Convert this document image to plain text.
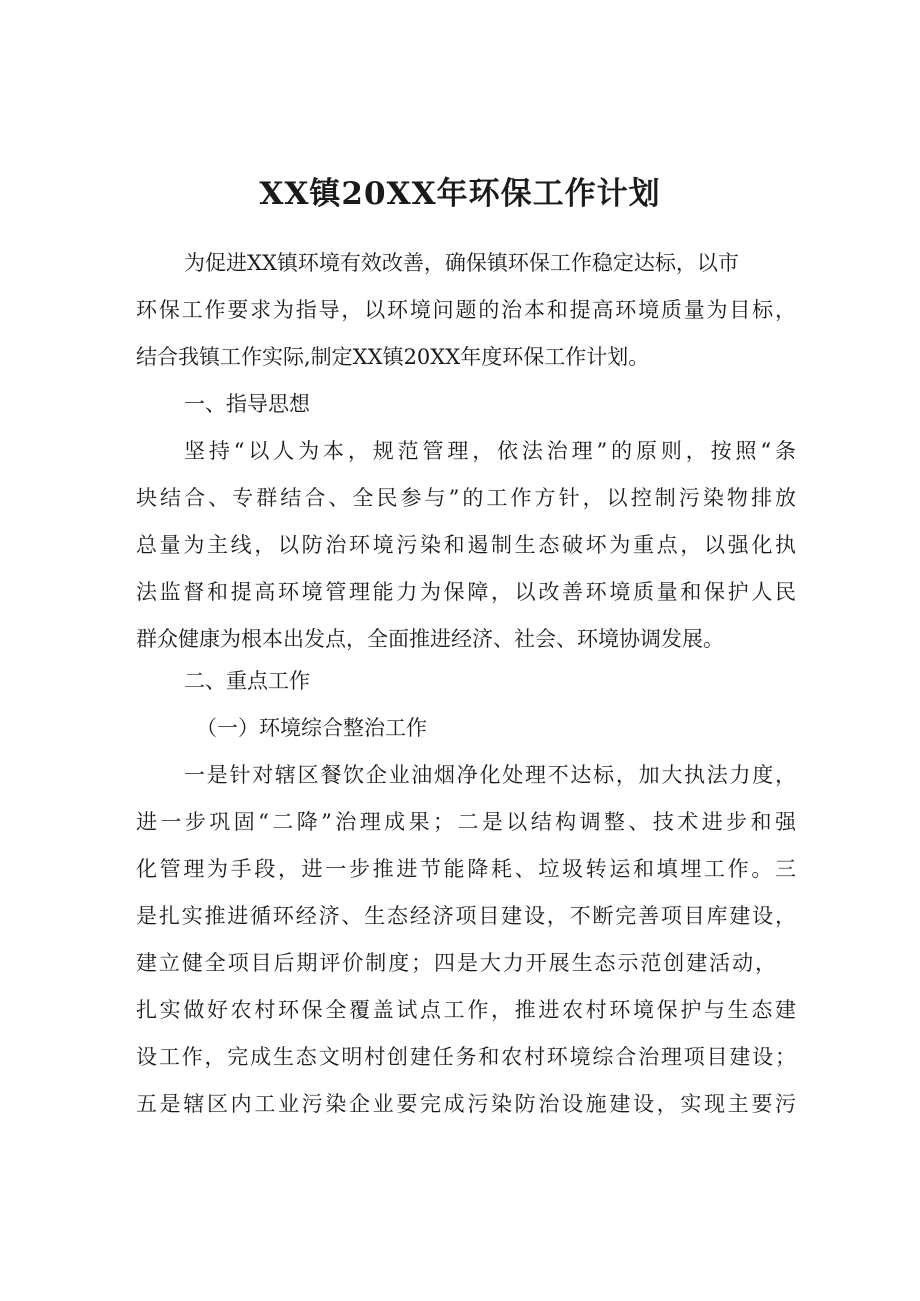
XX镇20XX年环保工作计划
为促进XX镇环境有效改善，确保镇环保工作稳定达标，以市
环保工作要求为指导，以环境问题的治本和提高环境质量为目标，
结合我镇工作实际,制定XX镇20XX年度环保工作计划。
一、指导思想
坚持“以人为本，规范管理，依法治理”的原则，按照“条
块结合、专群结合、全民参与”的工作方针，以控制污染物排放
总量为主线，以防治环境污染和遏制生态破坏为重点，以强化执
法监督和提高环境管理能力为保障，以改善环境质量和保护人民
群众健康为根本出发点，全面推进经济、社会、环境协调发展。
二、重点工作
（一）环境综合整治工作
一是针对辖区餐饮企业油烟净化处理不达标，加大执法力度，
进一步巩固“二降”治理成果；二是以结构调整、技术进步和强
化管理为手段，进一步推进节能降耗、垃圾转运和填埋工作。三
是扎实推进循环经济、生态经济项目建设，不断完善项目库建设，
建立健全项目后期评价制度；四是大力开展生态示范创建活动，
扎实做好农村环保全覆盖试点工作，推进农村环境保护与生态建
设工作，完成生态文明村创建任务和农村环境综合治理项目建设；
五是辖区内工业污染企业要完成污染防治设施建设，实现主要污
